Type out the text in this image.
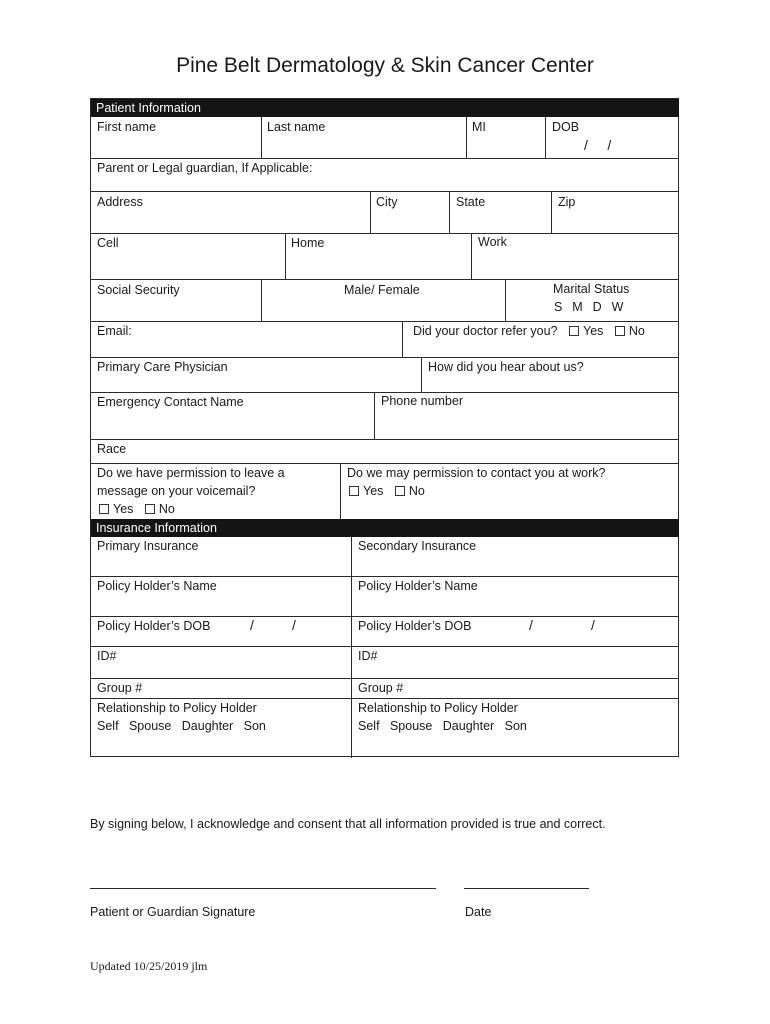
Pine Belt Dermatology & Skin Cancer Center
Patient Information
First name	Last name	MI	DOB
/     /
Parent or Legal guardian, If Applicable:
Address	City	State	Zip
Cell	Home	Work
Social Security	Male/ Female	Marital Status
S  M  D  W
Email:	Did your doctor refer you? Yes No
Primary Care Physician	How did you hear about us?
Emergency Contact Name	Phone number
Race
Do we have permission to leave a
message on your voicemail?
Yes No
Do we may permission to contact you at work?
Yes No
Insurance Information
Primary Insurance	Secondary Insurance
Policy Holder’s Name	Policy Holder’s Name
Policy Holder’s DOB	/	/	Policy Holder’s DOB	/	/
ID#	ID#
Group #	Group #
Relationship to Policy Holder
Self   Spouse   Daughter   Son
Relationship to Policy Holder
Self   Spouse   Daughter   Son
By signing below, I acknowledge and consent that all information provided is true and correct.
Patient or Guardian Signature	Date
Updated 10/25/2019 jlm
